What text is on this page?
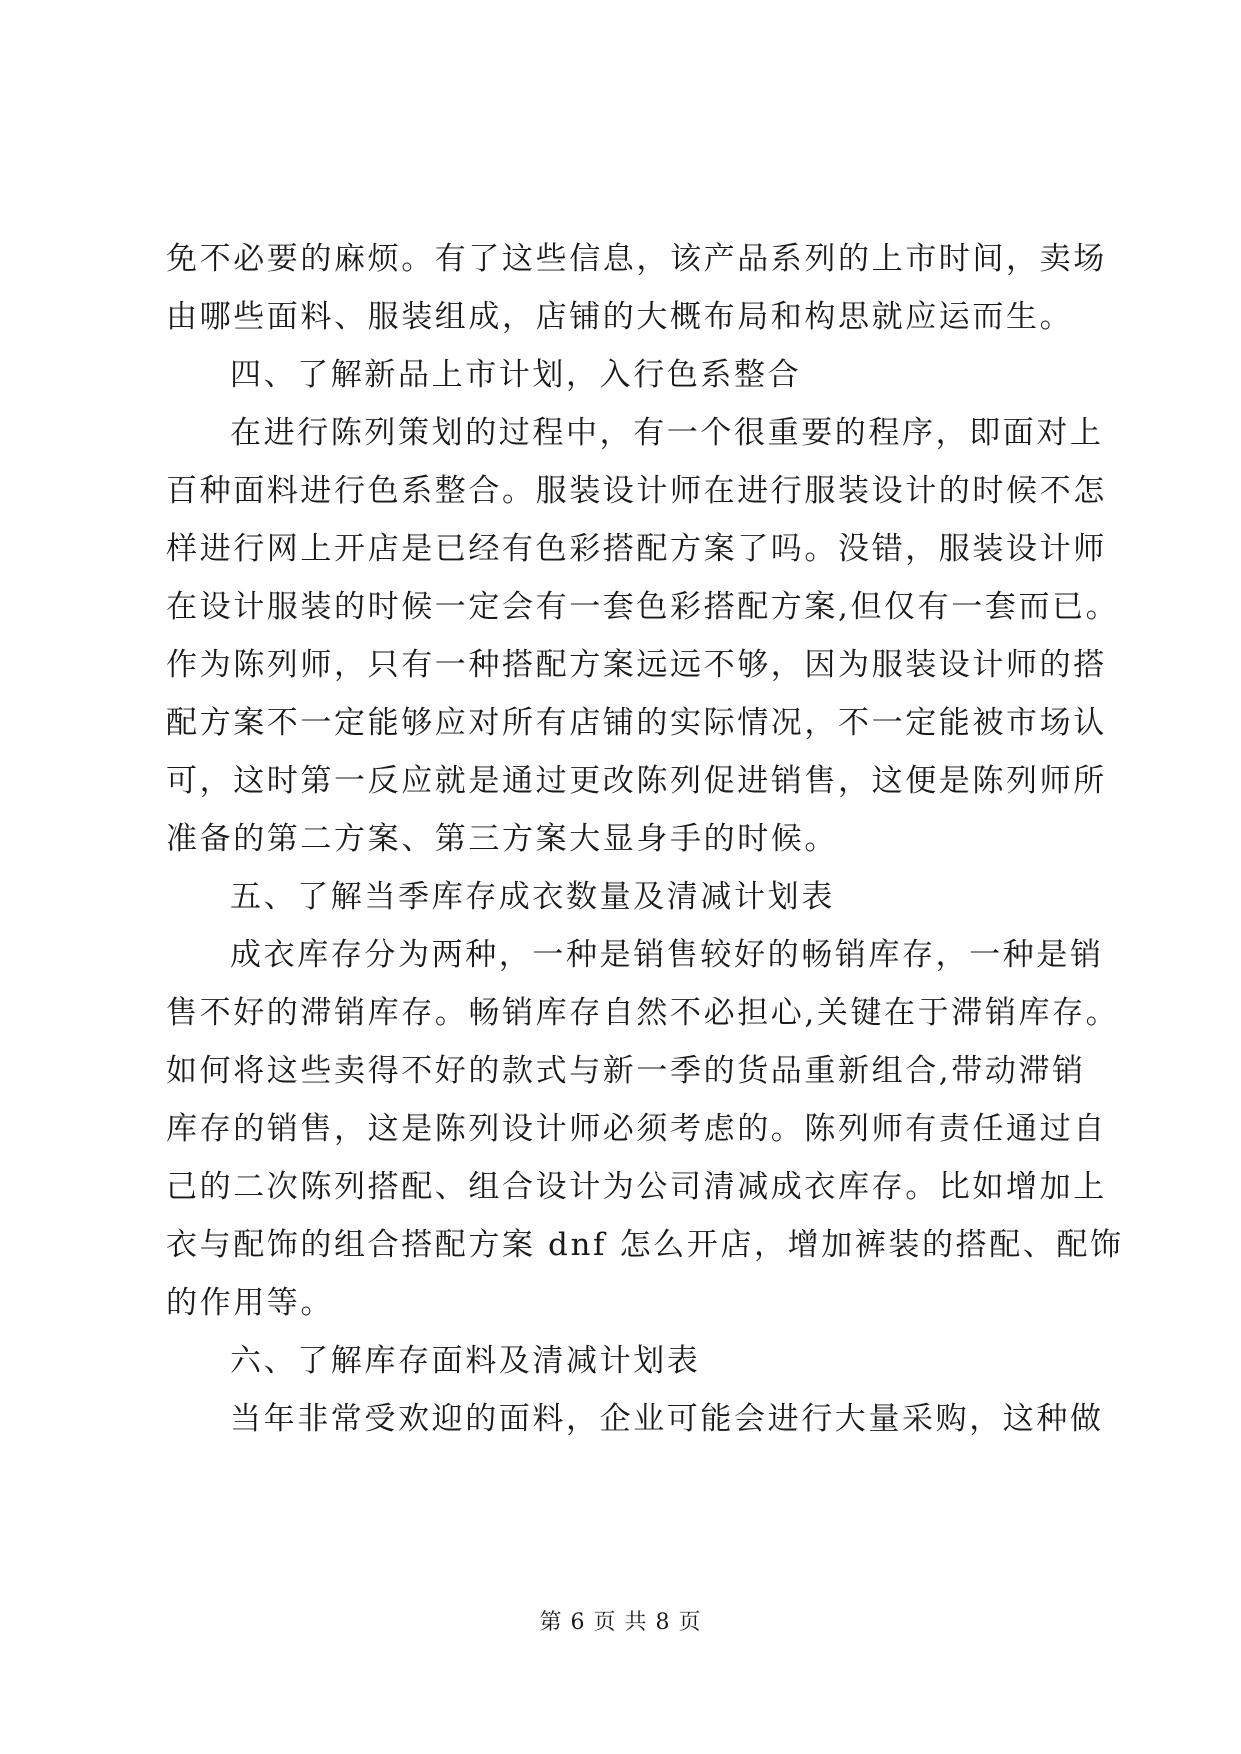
免不必要的麻烦。有了这些信息，该产品系列的上市时间，卖场
由哪些面料、服装组成，店铺的大概布局和构思就应运而生。
四、了解新品上市计划，入行色系整合
在进行陈列策划的过程中，有一个很重要的程序，即面对上
百种面料进行色系整合。服装设计师在进行服装设计的时候不怎
样进行网上开店是已经有色彩搭配方案了吗。没错，服装设计师
在设计服装的时候一定会有一套色彩搭配方案,但仅有一套而已。
作为陈列师，只有一种搭配方案远远不够，因为服装设计师的搭
配方案不一定能够应对所有店铺的实际情况，不一定能被市场认
可，这时第一反应就是通过更改陈列促进销售，这便是陈列师所
准备的第二方案、第三方案大显身手的时候。
五、了解当季库存成衣数量及清减计划表
成衣库存分为两种，一种是销售较好的畅销库存，一种是销
售不好的滞销库存。畅销库存自然不必担心,关键在于滞销库存。
如何将这些卖得不好的款式与新一季的货品重新组合,带动滞销
库存的销售，这是陈列设计师必须考虑的。陈列师有责任通过自
己的二次陈列搭配、组合设计为公司清减成衣库存。比如增加上
衣与配饰的组合搭配方案 dnf 怎么开店，增加裤装的搭配、配饰
的作用等。
六、了解库存面料及清减计划表
当年非常受欢迎的面料，企业可能会进行大量采购，这种做
第 6 页 共 8 页
